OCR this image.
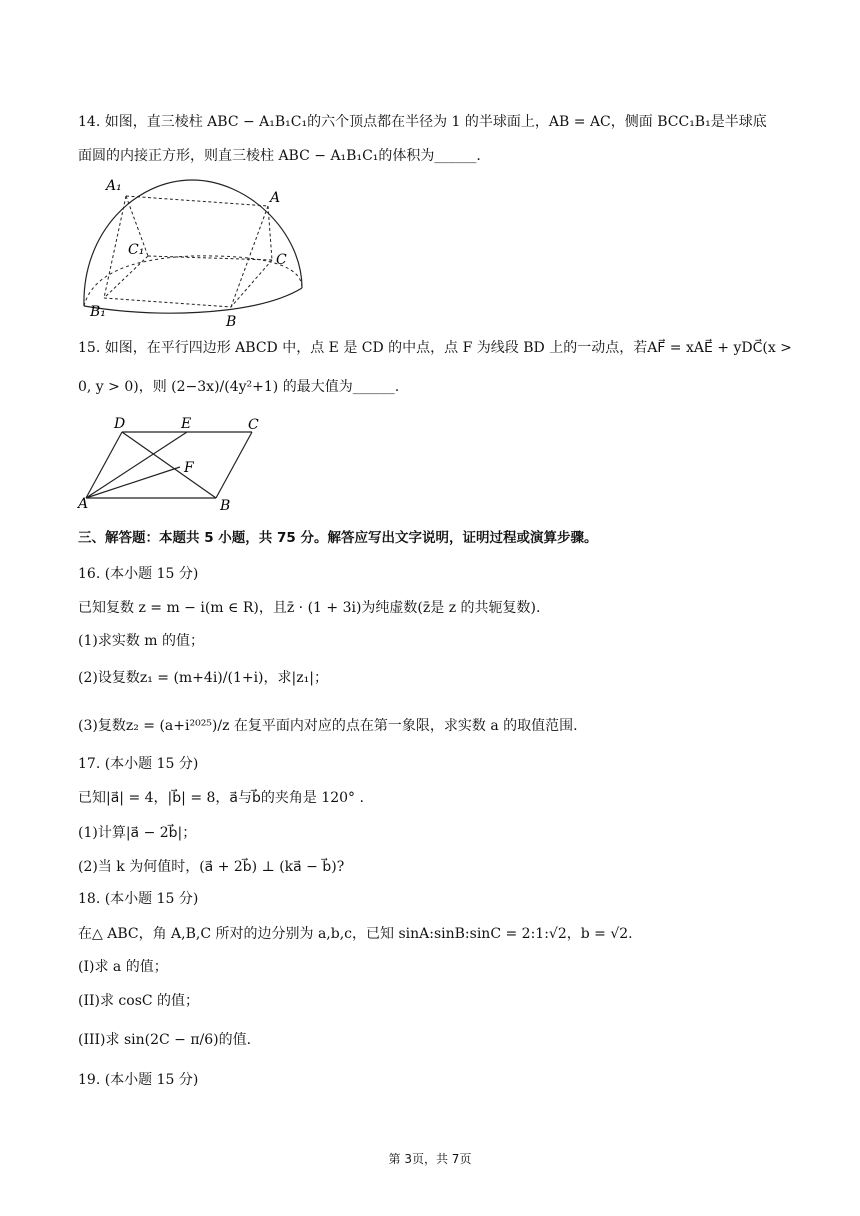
14. 如图，直三棱柱 ABC − A₁B₁C₁的六个顶点都在半径为 1 的半球面上，AB = AC，侧面 BCC₁B₁是半球底
面圆的内接正方形，则直三棱柱 ABC − A₁B₁C₁的体积为______.
A₁
A
C₁
C
B₁
B
15. 如图，在平行四边形 ABCD 中，点 E 是 CD 的中点，点 F 为线段 BD 上的一动点，若AF⃗ = xAE⃗ + yDC⃗(x >
0, y > 0)，则 (2−3x)/(4y²+1) 的最大值为______.
D	E	C
F
A	B
三、解答题：本题共 5 小题，共 75 分。解答应写出文字说明，证明过程或演算步骤。
16. (本小题 15 分)
已知复数 z = m − i(m ∈ R)，且z̄ · (1 + 3i)为纯虚数(z̄是 z 的共轭复数).
(1)求实数 m 的值；
(2)设复数z₁ = (m+4i)/(1+i)，求|z₁|；
(3)复数z₂ = (a+i²⁰²⁵)/z 在复平面内对应的点在第一象限，求实数 a 的取值范围.
17. (本小题 15 分)
已知|a⃗| = 4，|b⃗| = 8，a⃗与b⃗的夹角是 120° .
(1)计算|a⃗ − 2b⃗|；
(2)当 k 为何值时，(a⃗ + 2b⃗) ⊥ (ka⃗ − b⃗)?
18. (本小题 15 分)
在△ ABC，角 A,B,C 所对的边分别为 a,b,c，已知 sinA:sinB:sinC = 2:1:√2，b = √2.
(I)求 a 的值；
(II)求 cosC 的值；
(III)求 sin(2C − π/6)的值.
19. (本小题 15 分)
第 3页，共 7页
